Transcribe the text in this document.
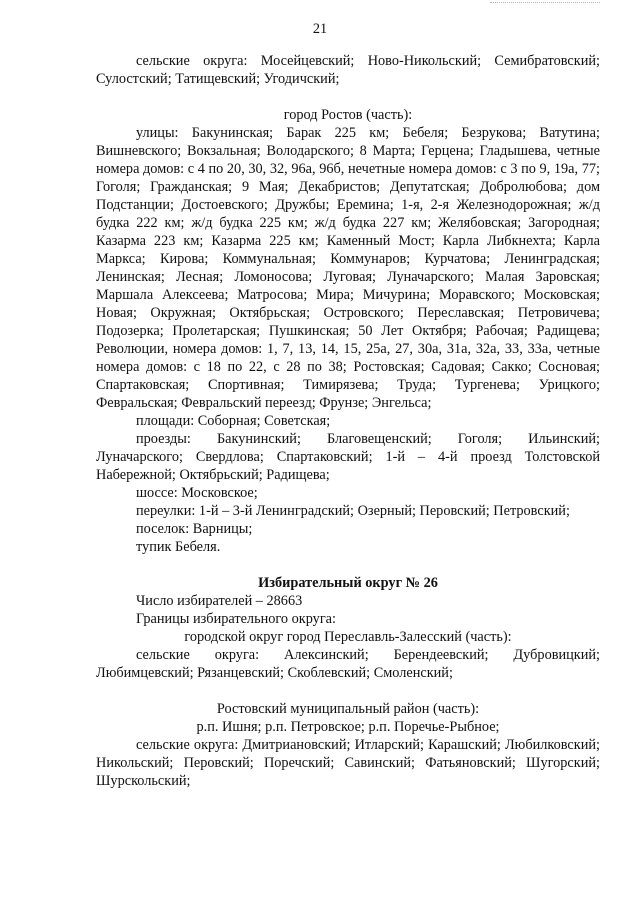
21

сельские округа: Мосейцевский; Ново-Никольский; Семибратовский; Сулостский; Татищевский; Угодичский;

город Ростов (часть):

улицы: Бакунинская; Барак 225 км; Бебеля; Безрукова; Ватутина; Вишневского; Вокзальная; Володарского; 8 Марта; Герцена; Гладышева, четные номера домов: с 4 по 20, 30, 32, 96а, 96б, нечетные номера домов: с 3 по 9, 19а, 77; Гоголя; Гражданская; 9 Мая; Декабристов; Депутатская; Добролюбова; дом Подстанции; Достоевского; Дружбы; Еремина; 1-я, 2-я Железнодорожная; ж/д будка 222 км; ж/д будка 225 км; ж/д будка 227 км; Желябовская; Загородная; Казарма 223 км; Казарма 225 км; Каменный Мост; Карла Либкнехта; Карла Маркса; Кирова; Коммунальная; Коммунаров; Курчатова; Ленинградская; Ленинская; Лесная; Ломоносова; Луговая; Луначарского; Малая Заровская; Маршала Алексеева; Матросова; Мира; Мичурина; Моравского; Московская; Новая; Окружная; Октябрьская; Островского; Переславская; Петровичева; Подозерка; Пролетарская; Пушкинская; 50 Лет Октября; Рабочая; Радищева; Революции, номера домов: 1, 7, 13, 14, 15, 25а, 27, 30а, 31а, 32а, 33, 33а, четные номера домов: с 18 по 22, с 28 по 38; Ростовская; Садовая; Сакко; Сосновая; Спартаковская; Спортивная; Тимирязева; Труда; Тургенева; Урицкого; Февральская; Февральский переезд; Фрунзе; Энгельса;

площади: Соборная; Советская;

проезды: Бакунинский; Благовещенский; Гоголя; Ильинский; Луначарского; Свердлова; Спартаковский; 1-й – 4-й проезд Толстовской Набережной; Октябрьский; Радищева;

шоссе: Московское;

переулки: 1-й – 3-й Ленинградский; Озерный; Перовский; Петровский;

поселок: Варницы;

тупик Бебеля.

Избирательный округ № 26

Число избирателей – 28663

Границы избирательного округа:

городской округ город Переславль-Залесский (часть):

сельские округа: Алексинский; Берендеевский; Дубровицкий; Любимцевский; Рязанцевский; Скоблевский; Смоленский;

Ростовский муниципальный район (часть):

р.п. Ишня; р.п. Петровское; р.п. Поречье-Рыбное;

сельские округа: Дмитриановский; Итларский; Карашский; Любилковский; Никольский; Перовский; Поречский; Савинский; Фатьяновский; Шугорский; Шурскольский;
